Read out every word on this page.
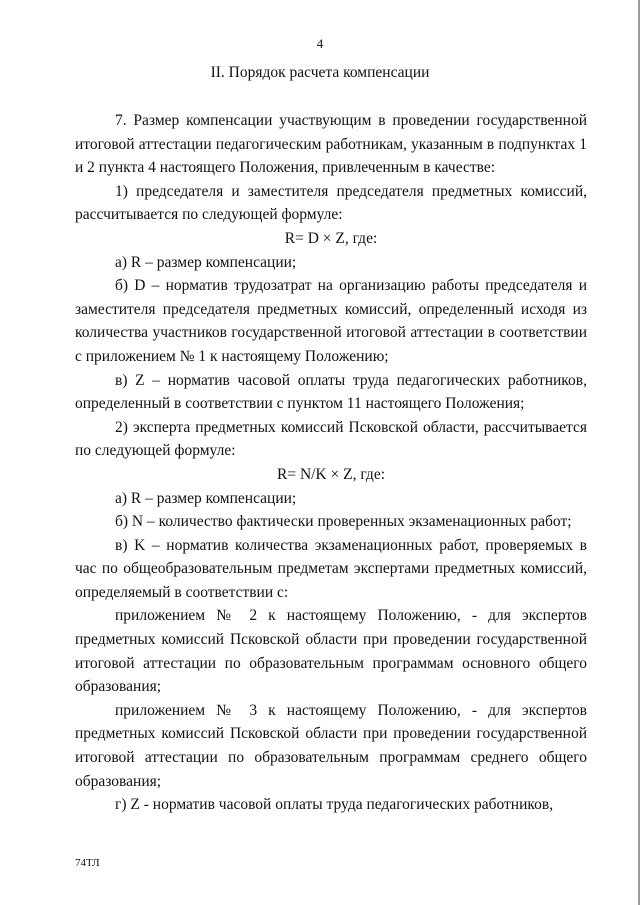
4
II. Порядок расчета компенсации

7. Размер компенсации участвующим в проведении государственной итоговой аттестации педагогическим работникам, указанным в подпунктах 1 и 2 пункта 4 настоящего Положения, привлеченным в качестве:

1) председателя и заместителя председателя предметных комиссий, рассчитывается по следующей формуле:

R= D × Z, где:

а) R – размер компенсации;

б) D – норматив трудозатрат на организацию работы председателя и заместителя председателя предметных комиссий, определенный исходя из количества участников государственной итоговой аттестации в соответствии с приложением № 1 к настоящему Положению;

в) Z – норматив часовой оплаты труда педагогических работников, определенный в соответствии с пунктом 11 настоящего Положения;

2) эксперта предметных комиссий Псковской области, рассчитывается по следующей формуле:

R= N/K × Z, где:

а) R – размер компенсации;

б) N – количество фактически проверенных экзаменационных работ;

в) K – норматив количества экзаменационных работ, проверяемых в час по общеобразовательным предметам экспертами предметных комиссий, определяемый в соответствии с:

приложением № 2 к настоящему Положению, - для экспертов предметных комиссий Псковской области при проведении государственной итоговой аттестации по образовательным программам основного общего образования;

приложением № 3 к настоящему Положению, - для экспертов предметных комиссий Псковской области при проведении государственной итоговой аттестации по образовательным программам среднего общего образования;

г) Z - норматив часовой оплаты труда педагогических работников,

74ТЛ
